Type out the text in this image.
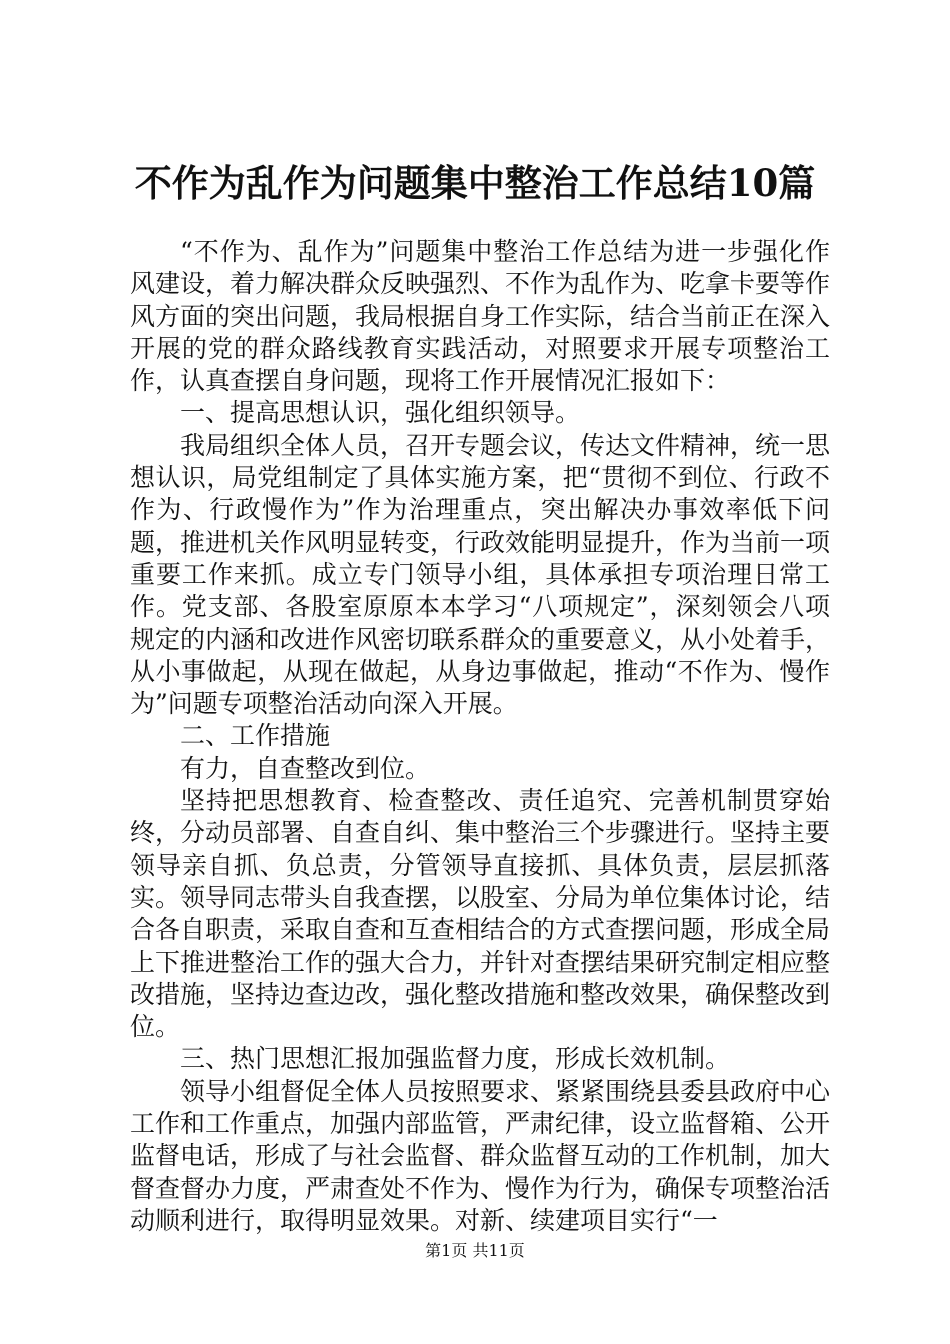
不作为乱作为问题集中整治工作总结10篇

“不作为、乱作为”问题集中整治工作总结为进一步强化作风建设，着力解决群众反映强烈、不作为乱作为、吃拿卡要等作风方面的突出问题，我局根据自身工作实际，结合当前正在深入开展的党的群众路线教育实践活动，对照要求开展专项整治工作，认真查摆自身问题，现将工作开展情况汇报如下：

一、提高思想认识，强化组织领导。

我局组织全体人员，召开专题会议，传达文件精神，统一思想认识，局党组制定了具体实施方案，把“贯彻不到位、行政不作为、行政慢作为”作为治理重点，突出解决办事效率低下问题，推进机关作风明显转变，行政效能明显提升，作为当前一项重要工作来抓。成立专门领导小组，具体承担专项治理日常工作。党支部、各股室原原本本学习“八项规定”，深刻领会八项规定的内涵和改进作风密切联系群众的重要意义，从小处着手，从小事做起，从现在做起，从身边事做起，推动“不作为、慢作为”问题专项整治活动向深入开展。

二、工作措施

有力，自查整改到位。

坚持把思想教育、检查整改、责任追究、完善机制贯穿始终，分动员部署、自查自纠、集中整治三个步骤进行。坚持主要领导亲自抓、负总责，分管领导直接抓、具体负责，层层抓落实。领导同志带头自我查摆，以股室、分局为单位集体讨论，结合各自职责，采取自查和互查相结合的方式查摆问题，形成全局上下推进整治工作的强大合力，并针对查摆结果研究制定相应整改措施，坚持边查边改，强化整改措施和整改效果，确保整改到位。

三、热门思想汇报加强监督力度，形成长效机制。

领导小组督促全体人员按照要求、紧紧围绕县委县政府中心工作和工作重点，加强内部监管，严肃纪律，设立监督箱、公开监督电话，形成了与社会监督、群众监督互动的工作机制，加大督查督办力度，严肃查处不作为、慢作为行为，确保专项整治活动顺利进行，取得明显效果。对新、续建项目实行“一

第1页 共11页
